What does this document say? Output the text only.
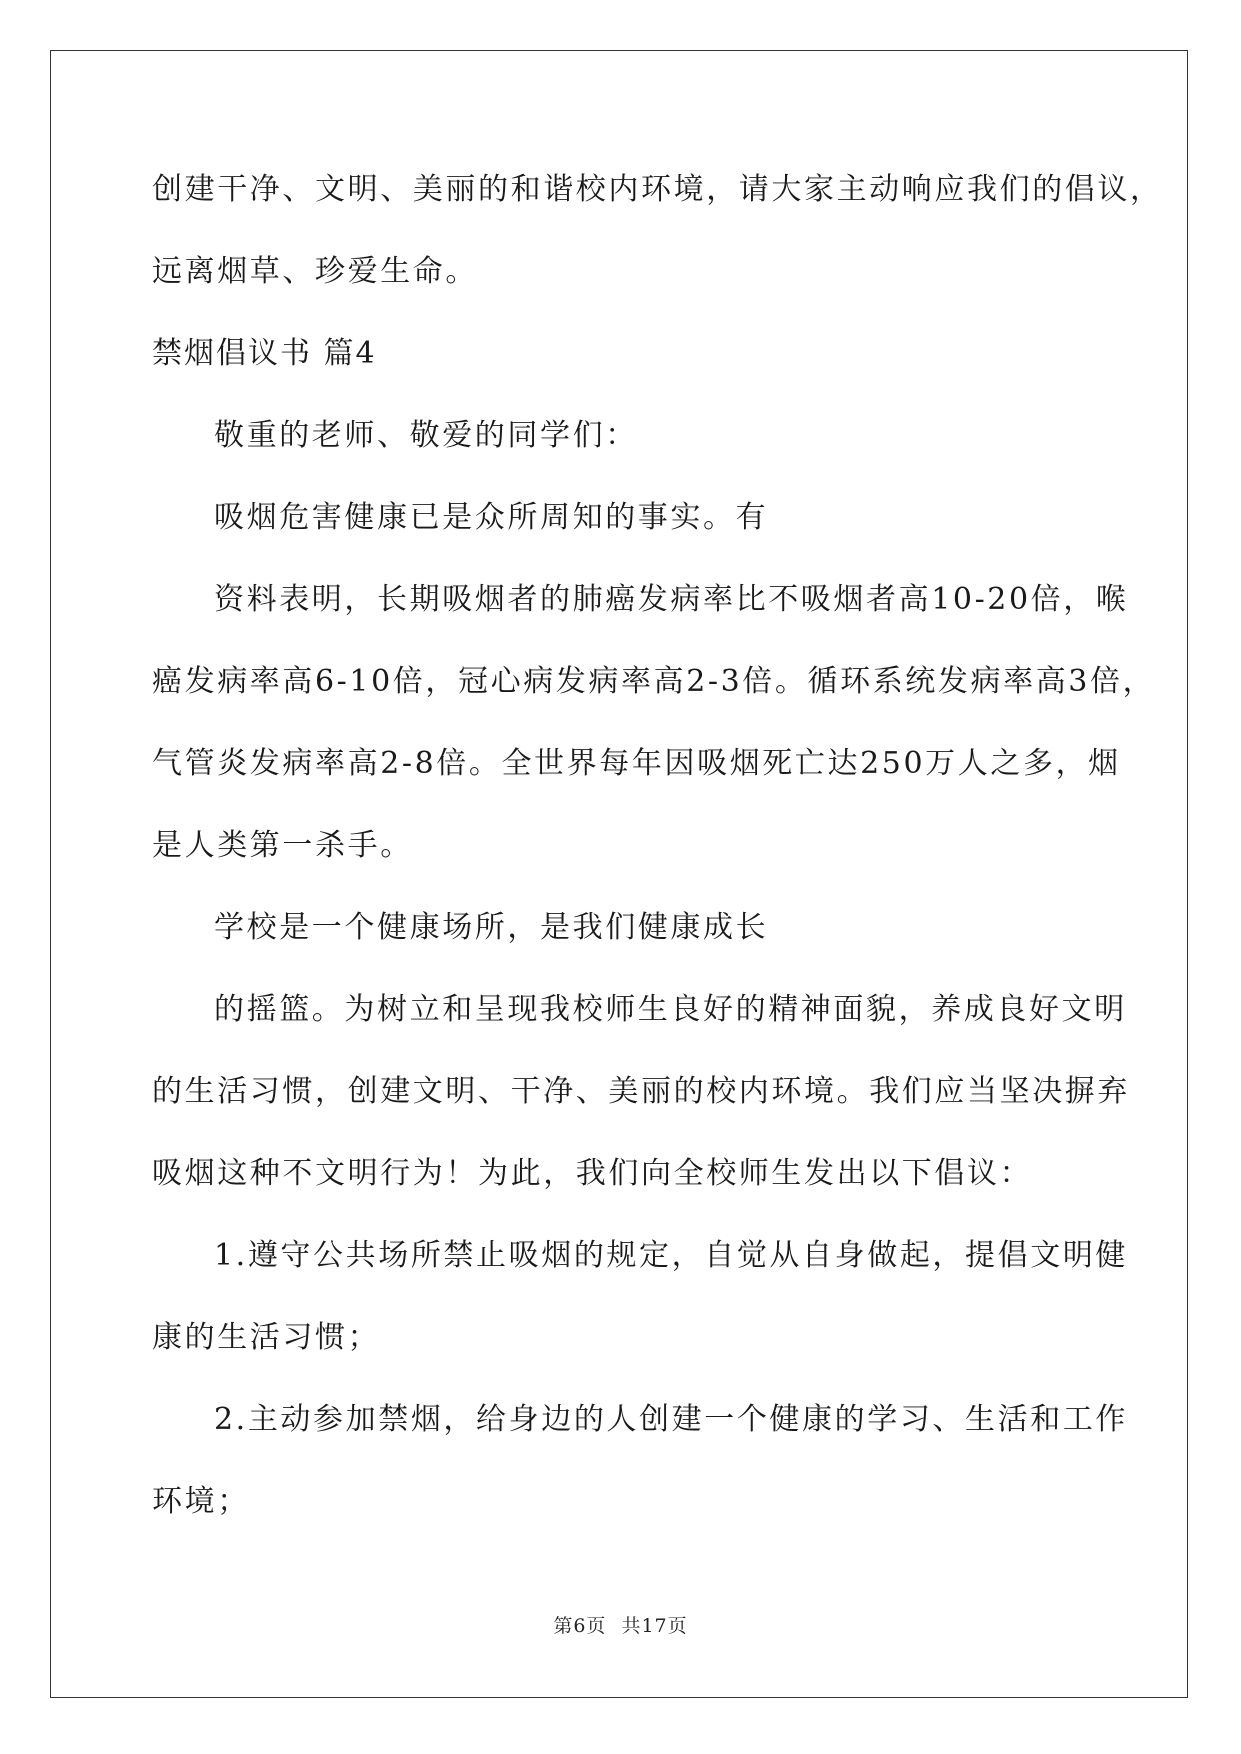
创建干净、文明、美丽的和谐校内环境，请大家主动响应我们的倡议，
远离烟草、珍爱生命。
禁烟倡议书 篇4
敬重的老师、敬爱的同学们：
吸烟危害健康已是众所周知的事实。有
资料表明，长期吸烟者的肺癌发病率比不吸烟者高10-20倍，喉
癌发病率高6-10倍，冠心病发病率高2-3倍。循环系统发病率高3倍，
气管炎发病率高2-8倍。全世界每年因吸烟死亡达250万人之多，烟
是人类第一杀手。
学校是一个健康场所，是我们健康成长
的摇篮。为树立和呈现我校师生良好的精神面貌，养成良好文明
的生活习惯，创建文明、干净、美丽的校内环境。我们应当坚决摒弃
吸烟这种不文明行为！为此，我们向全校师生发出以下倡议：
1.遵守公共场所禁止吸烟的规定，自觉从自身做起，提倡文明健
康的生活习惯；
2.主动参加禁烟，给身边的人创建一个健康的学习、生活和工作
环境；
第6页 共17页
